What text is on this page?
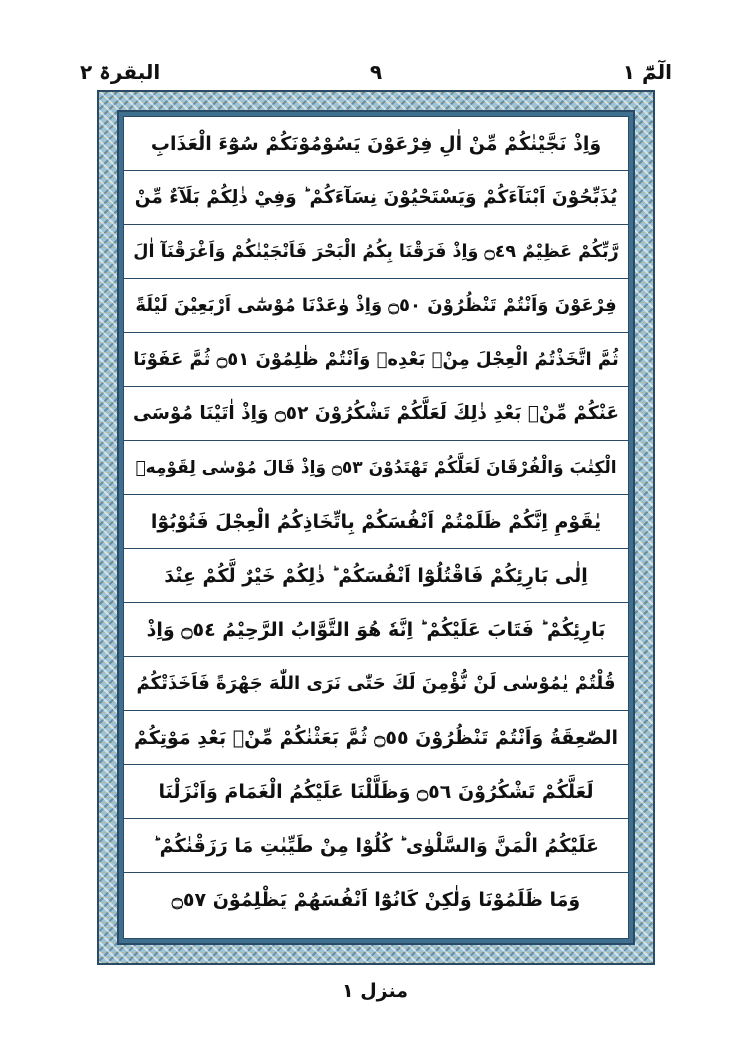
الٓمّٓ ۱
۹
البقرۃ ۲
وَاِذْ نَجَّيْنٰكُمْ مِّنْ اٰلِ فِرْعَوْنَ يَسُوْمُوْنَكُمْ سُوْٓءَ الْعَذَابِ
يُذَبِّحُوْنَ اَبْنَآءَكُمْ وَيَسْتَحْيُوْنَ نِسَآءَكُمْ ؕ وَفِيْ ذٰلِكُمْ بَلَآءٌ مِّنْ
رَّبِّكُمْ عَظِيْمٌ ۝٤٩ وَاِذْ فَرَقْنَا بِكُمُ الْبَحْرَ فَاَنْجَيْنٰكُمْ وَاَغْرَقْنَآ اٰلَ
فِرْعَوْنَ وَاَنْتُمْ تَنْظُرُوْنَ ۝٥٠ وَاِذْ وٰعَدْنَا مُوْسٰٓى اَرْبَعِيْنَ لَيْلَةً
ثُمَّ اتَّخَذْتُمُ الْعِجْلَ مِنْۢ بَعْدِهٖ وَاَنْتُمْ ظٰلِمُوْنَ ۝٥١ ثُمَّ عَفَوْنَا
عَنْكُمْ مِّنْۢ بَعْدِ ذٰلِكَ لَعَلَّكُمْ تَشْكُرُوْنَ ۝٥٢ وَاِذْ اٰتَيْنَا مُوْسَى
الْكِتٰبَ وَالْفُرْقَانَ لَعَلَّكُمْ تَهْتَدُوْنَ ۝٥٣ وَاِذْ قَالَ مُوْسٰى لِقَوْمِهٖ
يٰقَوْمِ اِنَّكُمْ ظَلَمْتُمْ اَنْفُسَكُمْ بِاتِّخَاذِكُمُ الْعِجْلَ فَتُوْبُوْٓا
اِلٰى بَارِئِكُمْ فَاقْتُلُوْٓا اَنْفُسَكُمْ ؕ ذٰلِكُمْ خَيْرٌ لَّكُمْ عِنْدَ
بَارِئِكُمْ ؕ فَتَابَ عَلَيْكُمْ ؕ اِنَّهٗ هُوَ التَّوَّابُ الرَّحِيْمُ ۝٥٤ وَاِذْ
قُلْتُمْ يٰمُوْسٰى لَنْ نُّؤْمِنَ لَكَ حَتّٰى نَرَى اللّٰهَ جَهْرَةً فَاَخَذَتْكُمُ
الصّٰعِقَةُ وَاَنْتُمْ تَنْظُرُوْنَ ۝٥٥ ثُمَّ بَعَثْنٰكُمْ مِّنْۢ بَعْدِ مَوْتِكُمْ
لَعَلَّكُمْ تَشْكُرُوْنَ ۝٥٦ وَظَلَّلْنَا عَلَيْكُمُ الْغَمَامَ وَاَنْزَلْنَا
عَلَيْكُمُ الْمَنَّ وَالسَّلْوٰى ؕ كُلُوْا مِنْ طَيِّبٰتِ مَا رَزَقْنٰكُمْ ؕ
وَمَا ظَلَمُوْنَا وَلٰكِنْ كَانُوْٓا اَنْفُسَهُمْ يَظْلِمُوْنَ ۝٥٧
منزل ۱
